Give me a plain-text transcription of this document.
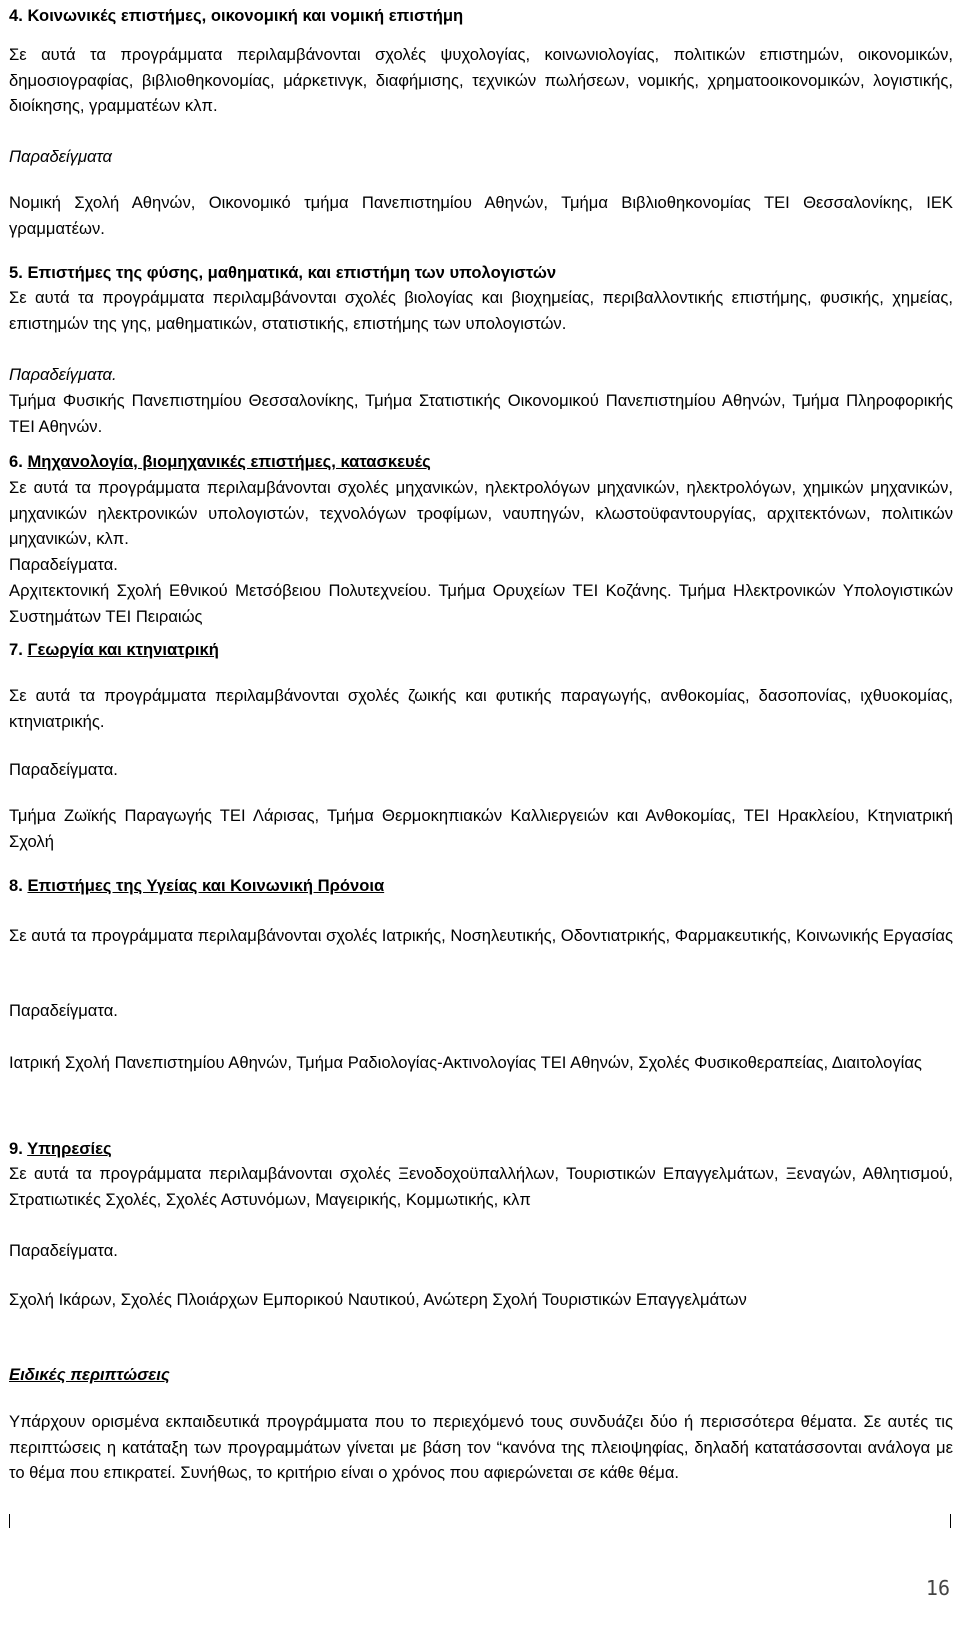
4. Κοινωνικές επιστήμες, οικονομική και νομική επιστήμη
Σε αυτά τα προγράμματα περιλαμβάνονται σχολές ψυχολογίας, κοινωνιολογίας, πολιτικών επιστημών, οικονομικών, δημοσιογραφίας, βιβλιοθηκονομίας, μάρκετινγκ, διαφήμισης, τεχνικών πωλήσεων, νομικής, χρηματοοικονομικών, λογιστικής, διοίκησης, γραμματέων κλπ.
Παραδείγματα
Νομική Σχολή Αθηνών, Οικονομικό τμήμα Πανεπιστημίου Αθηνών, Τμήμα Βιβλιοθηκονομίας ΤΕΙ Θεσσαλονίκης, ΙΕΚ γραμματέων.
5. Επιστήμες της φύσης, μαθηματικά, και επιστήμη των υπολογιστών
Σε αυτά τα προγράμματα περιλαμβάνονται σχολές βιολογίας και βιοχημείας, περιβαλλοντικής επιστήμης, φυσικής, χημείας, επιστημών της γης, μαθηματικών, στατιστικής, επιστήμης των υπολογιστών.
Παραδείγματα.
Τμήμα Φυσικής Πανεπιστημίου Θεσσαλονίκης, Τμήμα Στατιστικής Οικονομικού Πανεπιστημίου Αθηνών, Τμήμα Πληροφορικής ΤΕΙ Αθηνών.
6. Μηχανολογία, βιομηχανικές επιστήμες, κατασκευές
Σε αυτά τα προγράμματα περιλαμβάνονται σχολές μηχανικών, ηλεκτρολόγων μηχανικών, ηλεκτρολόγων, χημικών μηχανικών, μηχανικών ηλεκτρονικών υπολογιστών, τεχνολόγων τροφίμων, ναυπηγών, κλωστοϋφαντουργίας, αρχιτεκτόνων, πολιτικών μηχανικών, κλπ.
Παραδείγματα.
Αρχιτεκτονική Σχολή Εθνικού Μετσόβειου Πολυτεχνείου. Τμήμα Ορυχείων ΤΕΙ Κοζάνης. Τμήμα Ηλεκτρονικών Υπολογιστικών Συστημάτων ΤΕΙ Πειραιώς
7. Γεωργία και κτηνιατρική
Σε αυτά τα προγράμματα περιλαμβάνονται σχολές ζωικής και φυτικής παραγωγής, ανθοκομίας, δασοπονίας, ιχθυοκομίας, κτηνιατρικής.
Παραδείγματα.
Τμήμα Ζωϊκής Παραγωγής ΤΕΙ Λάρισας, Τμήμα Θερμοκηπιακών Καλλιεργειών και Ανθοκομίας, ΤΕΙ Ηρακλείου, Κτηνιατρική Σχολή
8. Επιστήμες της Υγείας και Κοινωνική Πρόνοια
Σε αυτά τα προγράμματα περιλαμβάνονται σχολές Ιατρικής, Νοσηλευτικής, Οδοντιατρικής, Φαρμακευτικής, Κοινωνικής Εργασίας
Παραδείγματα.
Ιατρική Σχολή Πανεπιστημίου Αθηνών, Τμήμα Ραδιολογίας-Ακτινολογίας ΤΕΙ Αθηνών, Σχολές Φυσικοθεραπείας, Διαιτολογίας
9. Υπηρεσίες
Σε αυτά τα προγράμματα περιλαμβάνονται σχολές Ξενοδοχοϋπαλλήλων, Τουριστικών Επαγγελμάτων, Ξεναγών, Αθλητισμού, Στρατιωτικές Σχολές, Σχολές Αστυνόμων, Μαγειρικής, Κομμωτικής, κλπ
Παραδείγματα.
Σχολή Ικάρων, Σχολές Πλοιάρχων Εμπορικού Ναυτικού, Ανώτερη Σχολή Τουριστικών Επαγγελμάτων
Ειδικές περιπτώσεις
Υπάρχουν ορισμένα εκπαιδευτικά προγράμματα που το περιεχόμενό τους συνδυάζει δύο ή περισσότερα θέματα. Σε αυτές τις περιπτώσεις η κατάταξη των προγραμμάτων γίνεται με βάση τον “κανόνα της πλειοψηφίας, δηλαδή κατατάσσονται ανάλογα με το θέμα που επικρατεί. Συνήθως, το κριτήριο είναι ο χρόνος που αφιερώνεται σε κάθε θέμα.
16
